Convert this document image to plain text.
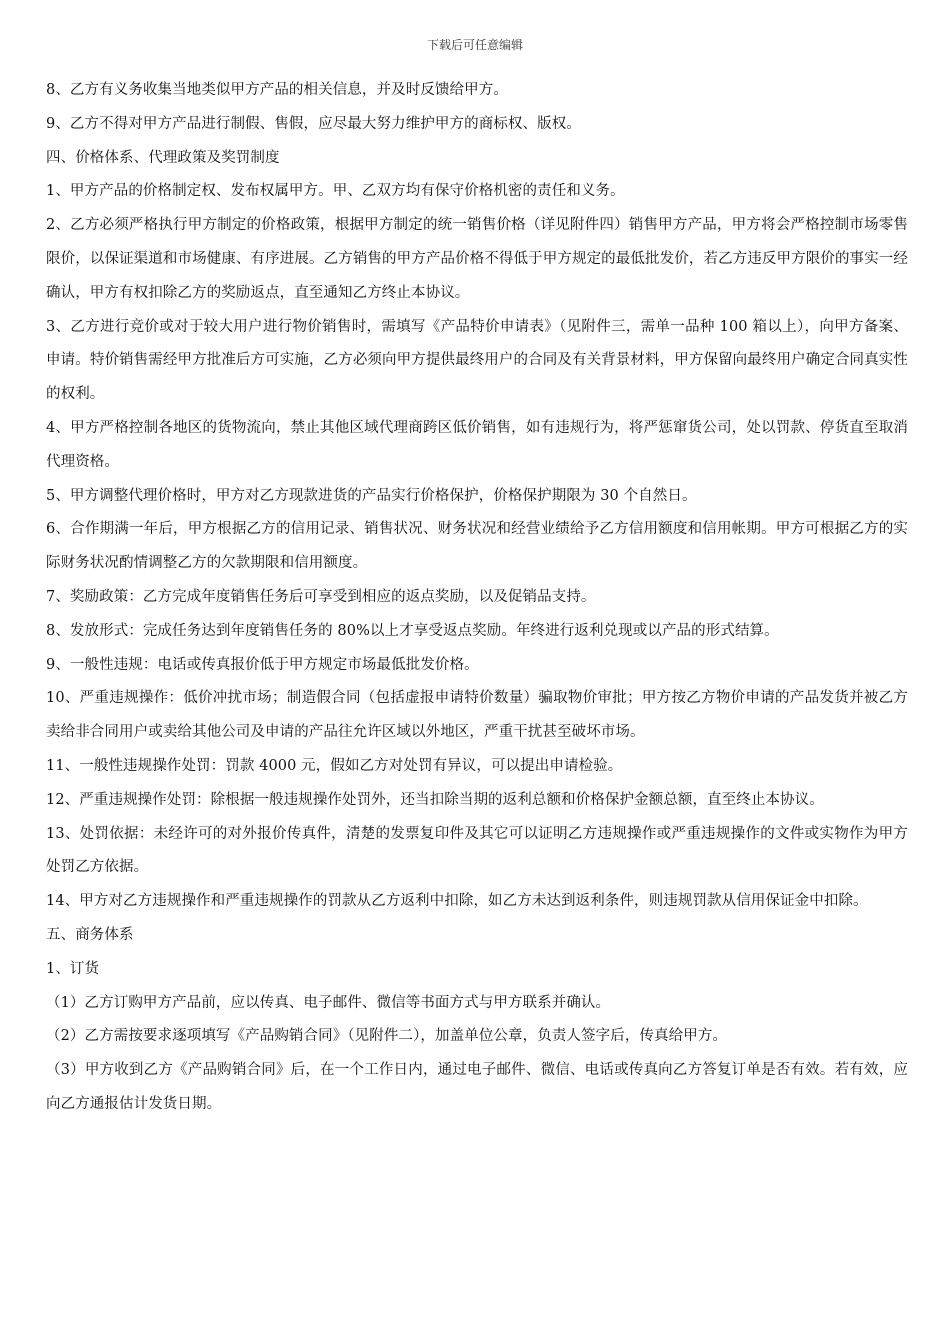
下载后可任意编辑

8、乙方有义务收集当地类似甲方产品的相关信息，并及时反馈给甲方。

9、乙方不得对甲方产品进行制假、售假，应尽最大努力维护甲方的商标权、版权。

四、价格体系、代理政策及奖罚制度

1、甲方产品的价格制定权、发布权属甲方。甲、乙双方均有保守价格机密的责任和义务。

2、乙方必须严格执行甲方制定的价格政策，根据甲方制定的统一销售价格（详见附件四）销售甲方产品，甲方将会严格控制市场零售限价，以保证渠道和市场健康、有序进展。乙方销售的甲方产品价格不得低于甲方规定的最低批发价，若乙方违反甲方限价的事实一经确认，甲方有权扣除乙方的奖励返点，直至通知乙方终止本协议。

3、乙方进行竞价或对于较大用户进行物价销售时，需填写《产品特价申请表》（见附件三，需单一品种 100 箱以上），向甲方备案、申请。特价销售需经甲方批准后方可实施，乙方必须向甲方提供最终用户的合同及有关背景材料，甲方保留向最终用户确定合同真实性的权利。

4、甲方严格控制各地区的货物流向，禁止其他区域代理商跨区低价销售，如有违规行为，将严惩窜货公司，处以罚款、停货直至取消代理资格。

5、甲方调整代理价格时，甲方对乙方现款进货的产品实行价格保护，价格保护期限为 30 个自然日。

6、合作期满一年后，甲方根据乙方的信用记录、销售状况、财务状况和经营业绩给予乙方信用额度和信用帐期。甲方可根据乙方的实际财务状况酌情调整乙方的欠款期限和信用额度。

7、奖励政策：乙方完成年度销售任务后可享受到相应的返点奖励，以及促销品支持。

8、发放形式：完成任务达到年度销售任务的 80%以上才享受返点奖励。年终进行返利兑现或以产品的形式结算。

9、一般性违规：电话或传真报价低于甲方规定市场最低批发价格。

10、严重违规操作：低价冲扰市场；制造假合同（包括虚报申请特价数量）骗取物价审批；甲方按乙方物价申请的产品发货并被乙方卖给非合同用户或卖给其他公司及申请的产品往允许区域以外地区，严重干扰甚至破坏市场。

11、一般性违规操作处罚：罚款 4000 元，假如乙方对处罚有异议，可以提出申请检验。

12、严重违规操作处罚：除根据一般违规操作处罚外，还当扣除当期的返利总额和价格保护金额总额，直至终止本协议。

13、处罚依据：未经许可的对外报价传真件，清楚的发票复印件及其它可以证明乙方违规操作或严重违规操作的文件或实物作为甲方处罚乙方依据。

14、甲方对乙方违规操作和严重违规操作的罚款从乙方返利中扣除，如乙方未达到返利条件，则违规罚款从信用保证金中扣除。

五、商务体系

1、订货

（1）乙方订购甲方产品前，应以传真、电子邮件、微信等书面方式与甲方联系并确认。

（2）乙方需按要求逐项填写《产品购销合同》（见附件二），加盖单位公章，负责人签字后，传真给甲方。

（3）甲方收到乙方《产品购销合同》后，在一个工作日内，通过电子邮件、微信、电话或传真向乙方答复订单是否有效。若有效，应向乙方通报估计发货日期。
